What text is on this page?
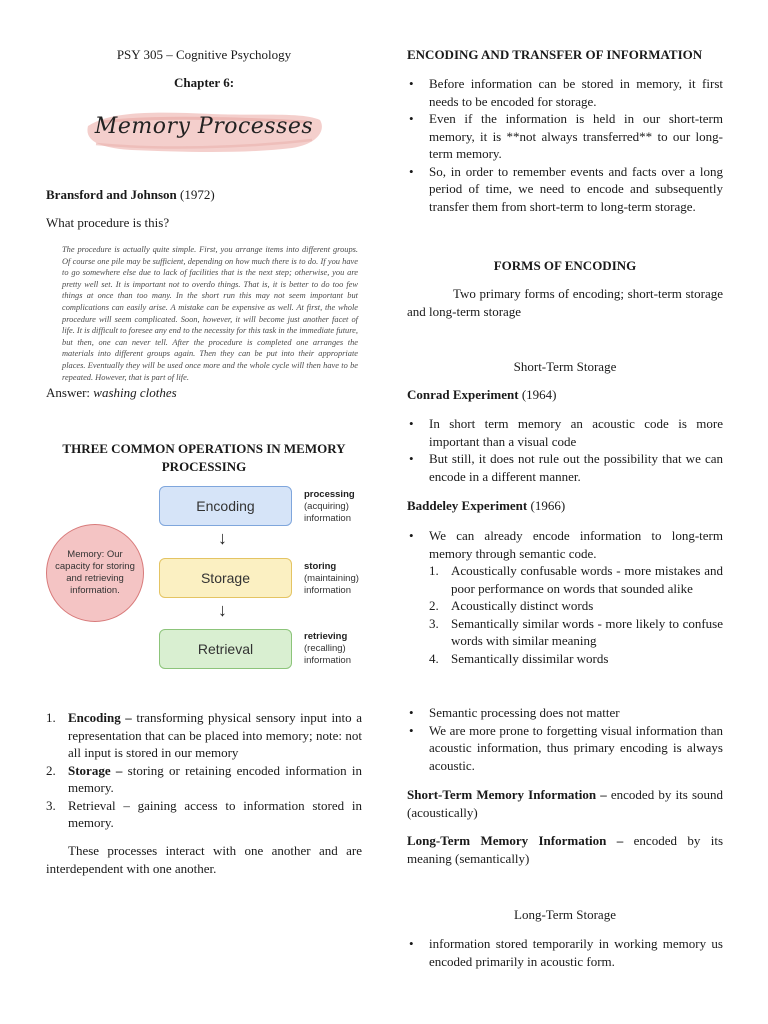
PSY 305 – Cognitive Psychology

Chapter 6:

Memory Processes

Bransford and Johnson (1972)

What procedure is this?

The procedure is actually quite simple. First, you arrange items into different groups. Of course one pile may be sufficient, depending on how much there is to do. If you have to go somewhere else due to lack of facilities that is the next step; otherwise, you are pretty well set. It is important not to overdo things. That is, it is better to do too few things at once than too many. In the short run this may not seem important but complications can easily arise. A mistake can be expensive as well. At first, the whole procedure will seem complicated. Soon, however, it will become just another facet of life. It is difficult to foresee any end to the necessity for this task in the immediate future, but then, one can never tell. After the procedure is completed one arranges the materials into different groups again. Then they can be put into their appropriate places. Eventually they will be used once more and the whole cycle will then have to be repeated. However, that is part of life.

Answer: washing clothes

THREE COMMON OPERATIONS IN MEMORY PROCESSING

Memory: Our capacity for storing and retrieving information.
Encoding
processing
(acquiring)
information
↓
Storage
storing
(maintaining)
information
↓
Retrieval
retrieving
(recalling)
information
1. Encoding – transforming physical sensory input into a representation that can be placed into memory; note: not all input is stored in our memory
2. Storage – storing or retaining encoded information in memory.
3. Retrieval – gaining access to information stored in memory.

These processes interact with one another and are interdependent with one another.

ENCODING AND TRANSFER OF INFORMATION

• Before information can be stored in memory, it first needs to be encoded for storage.
• Even if the information is held in our short-term memory, it is **not always transferred** to our long-term memory.
• So, in order to remember events and facts over a long period of time, we need to encode and subsequently transfer them from short-term to long-term storage.

FORMS OF ENCODING

Two primary forms of encoding; short-term storage and long-term storage

Short-Term Storage

Conrad Experiment (1964)

• In short term memory an acoustic code is more important than a visual code
• But still, it does not rule out the possibility that we can encode in a different manner.

Baddeley Experiment (1966)

• We can already encode information to long-term memory through semantic code.
1. Acoustically confusable words - more mistakes and poor performance on words that sounded alike
2. Acoustically distinct words
3. Semantically similar words - more likely to confuse words with similar meaning
4. Semantically dissimilar words
• Semantic processing does not matter
• We are more prone to forgetting visual information than acoustic information, thus primary encoding is always acoustic.

Short-Term Memory Information – encoded by its sound (acoustically)

Long-Term Memory Information – encoded by its meaning (semantically)

Long-Term Storage

• information stored temporarily in working memory us encoded primarily in acoustic form.
